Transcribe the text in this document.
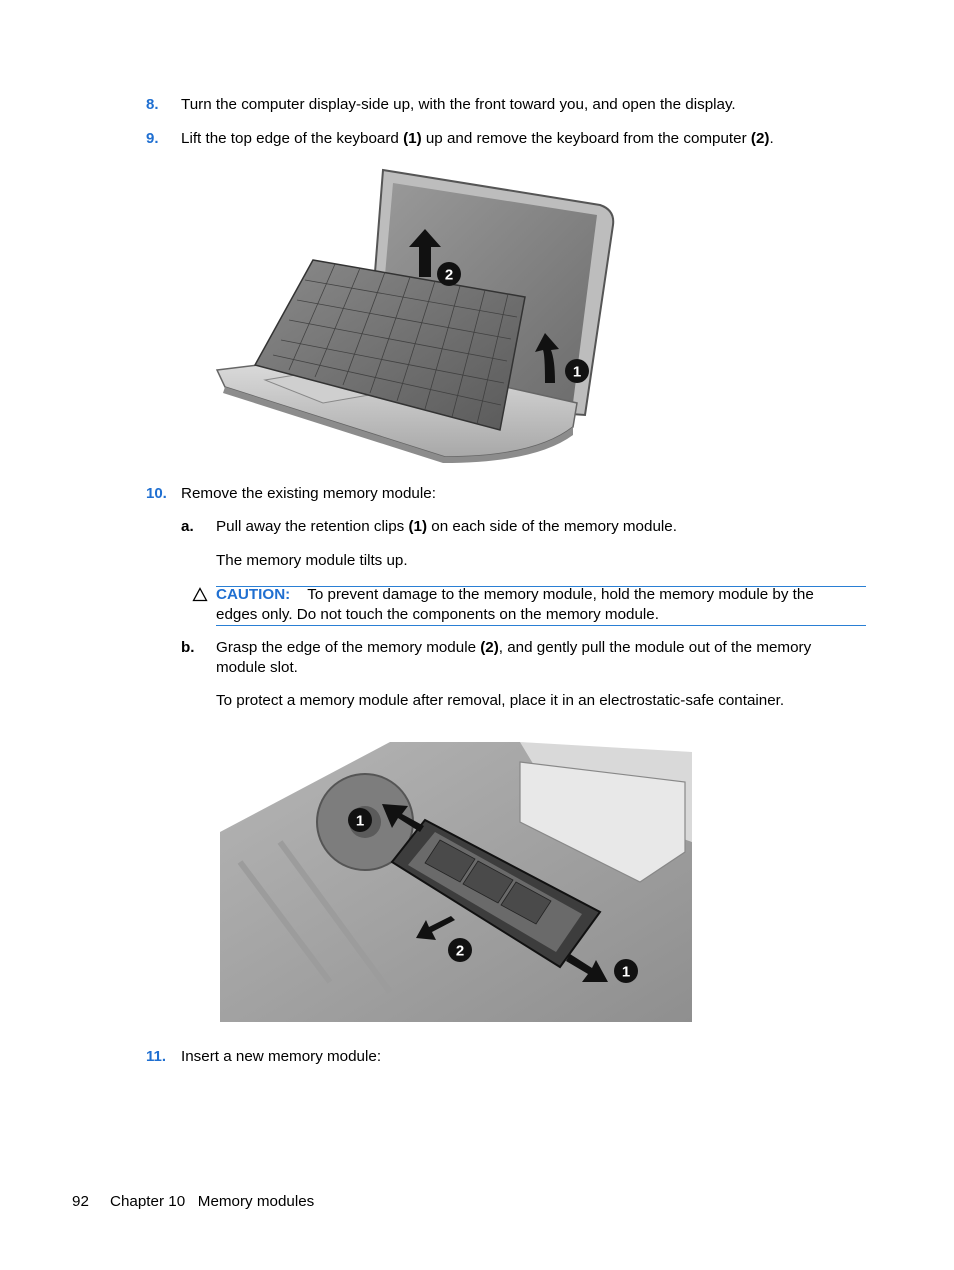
8. Turn the computer display-side up, with the front toward you, and open the display.
9. Lift the top edge of the keyboard (1) up and remove the keyboard from the computer (2).
2
1
10. Remove the existing memory module:
a. Pull away the retention clips (1) on each side of the memory module.
The memory module tilts up.
CAUTION: To prevent damage to the memory module, hold the memory module by the
edges only. Do not touch the components on the memory module.
b. Grasp the edge of the memory module (2), and gently pull the module out of the memory
module slot.
To protect a memory module after removal, place it in an electrostatic-safe container.
1
2
1
11. Insert a new memory module:
92 Chapter 10   Memory modules
